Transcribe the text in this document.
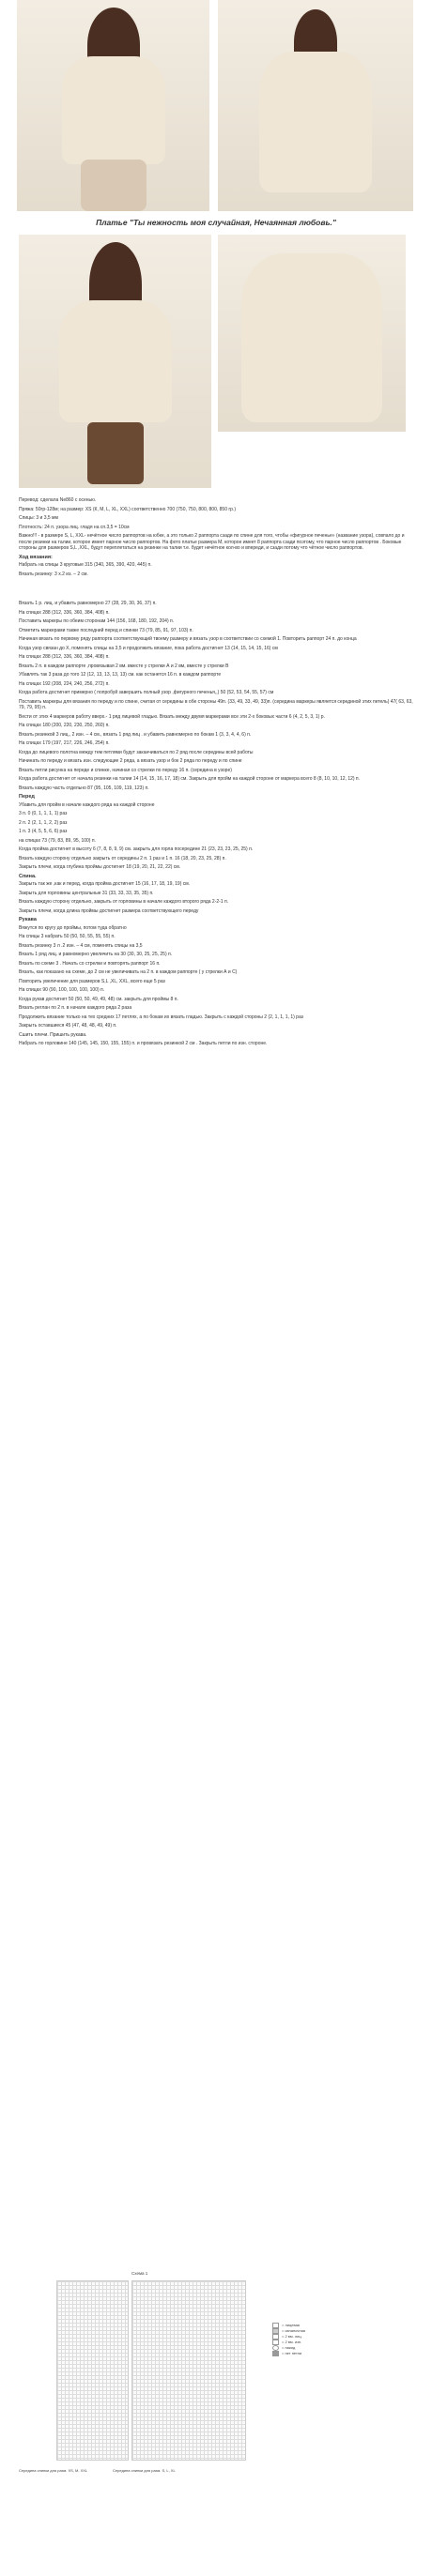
Платье "Ты нежность моя случайная, Нечаянная любовь."

Перевод: сделала Ne860 с осенью.

Пряжа: 50гр-128м; на размер: XS (К, M, L, XL, XXL) соответственно 700 (750, 750, 800, 800, 850 гр.)

Спицы: 3 и 3,5 мм

Плотность: 24 п. узора лиц. гладя на сп.3,5 = 10см

Важно!!! - в размере S, L, XXL- нечётное число раппортов на юбке, а это только 2 раппорта сзади по спине для того, чтобы «фигурное печенье» (название узора), совпало до и после резинки на талии, которое имеет парное число раппортов. На фото платье размера М, которое имеет 8 раппорта сзади поэтому, что парное число раппортов . Боковые стороны для размеров S,L ,XXL, будут переплетаться на резинке на талии т.е. будет нечётное кол-во и впереди, и сзади потому что чётное число раппортов.

Ход вязания:

Набрать на спицы 3 круговые 315 (340, 365, 390, 420, 445) п.

Вязать резинку: 3 х.2 из. – 2 см.

Вязать 1 р. лиц. и убавить равномерно 27 (28, 29, 30, 36, 37) п.

На спицах 288 (312, 336, 360, 384, 408) п.

Поставить маркеры по обеим сторонам 144 (156, 168, 180, 192, 204) п.

Отметить маркерами также последний перед и спинки 73 (79, 85, 91, 97, 103) п.

Начиная вязать по первому ряду раппорта соответствующий твоему размеру и вязать узор в соответствии со схемой 1. Повторить раппорт 24 п. до конца

Когда узор связан до X, поменять спицы на 3,5 и продолжить вязание, пока работа достигнет 13 (14, 15, 14, 15, 16) см

На спицах 288 (312, 336, 360, 384, 408) п.

Вязать 2 п. в каждом раппорте ,провязывая 2 вм. вместе у стрелки А и 2 вм, вместе у стрелки B

Убавлять так 3 раза до того 12 (12, 13, 13, 13, 13) см. как останется 16 п. в каждом раппорте

На спицах 192 (208, 224, 240, 256, 272) п.

Когда работа достигнет примерно ( попробуй завершить полный узор ,фигурного печенья,,) 50 (52, 53, 54, 55, 57) см

Поставить маркеры для вязания по переду и по спине, считая от середины в обе стороны 49п. (33, 49, 33, 49, 33)п. (середина маркеры является серединой этих петель) 47( 63, 63, 79, 79, 95) п.

Вести от этих 4 маркеров работу вверх.- 1 ряд лицевой гладью. Вязать между двумя маркерами все эти 2-х боковых части 6 (4, 2, 5, 3, 1) р.

На спицах 180 (200, 220, 230, 250, 260) п.

Вязать резинкой 3 лиц., 2 изн. – 4 см., вязать 1 ряд лиц . и убавить равномерно по бокам 1 (3, 3, 4, 4, 6) п.

На спицах 179 (197, 217, 226, 246, 254) п.

Когда до лицевого полотна между тем петлями будут заканчиваться по 2 ряд после середины всей работы

Начинать по переду и вязать изн. следующие 2 ряда, а вязать узор и бок 2 ряда по переду и по спине

Вязать петли рисунка на переде и спинке, начиная со стрелки по переду 16 п. (середина в узоре)

Когда работа достигнет от начала резинки на талии 14 (14, 15, 16, 17, 18) см. Закрыть для пройм на каждой стороне от маркера всего 8 (8, 10, 10, 12, 12) п.

Вязать каждую часть отдельно 87 (95, 105, 109, 119, 123) п.

Перед

Убавить для пройм в начале каждого ряда на каждой стороне

3 п. 0 (0, 1, 1, 1, 1) раз

2 п. 2 (2, 1, 1, 2, 2) раз

1 п. 3 (4, 5, 5, 6, 6) раз

на спицах 73 (79, 83, 89, 95, 100) п.

Когда пройма достигнет в высоту 6 (7, 8, 8, 9, 9) см. закрыть для горла посередине 21 (23, 23, 23, 25, 25) п.

Вязать каждую сторону отдельно закрыть от середины 2 п. 1 раз и 1 п. 16 (18, 20, 23, 25, 28) п.

Закрыть плечи, когда глубина проймы достигнет 18 (19, 20, 21, 22, 22) см.

Спина.

Закрыть так же ,как и перед, когда пройма достигнет 15 (16, 17, 18, 19, 19) см.

Закрыть для горловины центральные 31 (33, 33, 33, 35, 35) п.

Вязать каждую сторону отдельно, закрыть от горловины в начале каждого второго ряда 2-2-1 п.

Закрыть плечи, когда длина проймы достигнет размера соответствующего переду

Рукава

Вяжутся по кругу до проймы, потом туда обратно

На спицы 3 набрать 50 (50, 50, 55, 55, 55) п.

Вязать резинку 3 л .2 изн. – 4 см, поменять спицы на 3,5

Вязать 1 ряд лиц. и равномерно увеличить на 30 (30, 30, 25, 25, 25) п.

Вязать по схеме 3 . Начать со стрелки и повторять раппорт 16 п.

Вязать, как показано на схеме, до 2 см не увеличивать на 2 п. в каждом раппорте ( у стрелки А и С)

Повторить увеличение для размеров S,L ,XL, XXL, всего еще 5 раз

На спицах 90 (90, 100, 100, 100, 100) п.

Когда рукав достигнет 50 (50, 50, 49, 49, 48) см. закрыть для проймы 8 п.

Вязать реглан по 2 п. в начале каждого ряда 2 раза

Продолжить вязание только на тех средних 17 петлях, а по бокам их вязать гладью. Закрыть с каждой стороны 2 (2, 1, 1, 1, 1) раз

Закрыть оставшиеся 45 (47, 48, 48, 49, 49) п.

Сшить плечи. Пришить рукава.

Набрать по горловине 140 (145, 145, 150, 155, 155) п. и провязать резинкой 2 см . Закрыть петли по изн. стороне.

Схема 1
= лицевая
= изнаночная
= 2 вм. лиц.
= 2 вм. изн.
= накид
= нет петли
Середина спинки для разм. XS, M, XXL	Середина спинки для разм. S, L, XL
